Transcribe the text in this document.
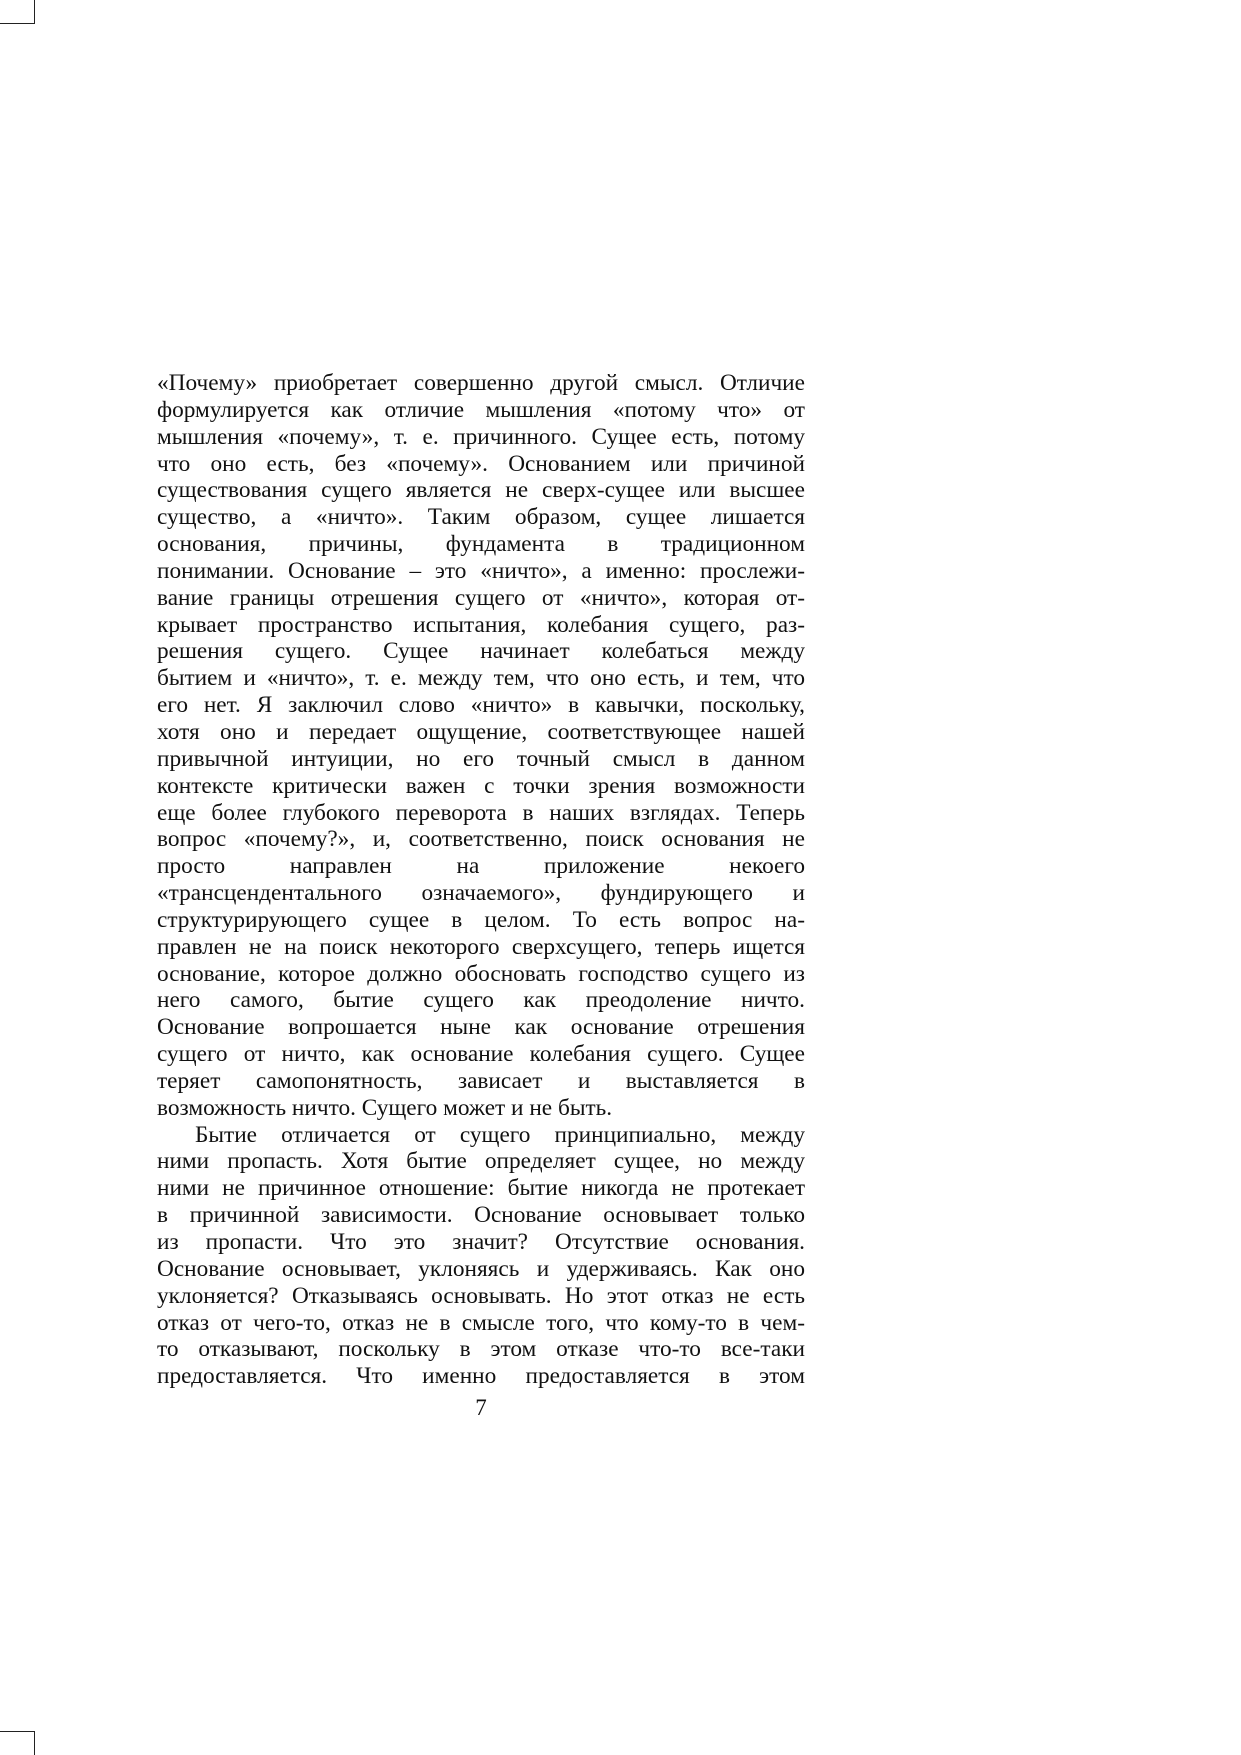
«Почему» приобретает совершенно другой смысл. Отличие
формулируется как отличие мышления «потому что» от
мышления «почему», т. е. причинного. Сущее есть, потому
что оно есть, без «почему». Основанием или причиной
существования сущего является не сверх-сущее или высшее
существо, а «ничто». Таким образом, сущее лишается
основания, причины, фундамента в традиционном
понимании. Основание – это «ничто», а именно: прослежи-
вание границы отрешения сущего от «ничто», которая от-
крывает пространство испытания, колебания сущего, раз-
решения сущего. Сущее начинает колебаться между
бытием и «ничто», т. е. между тем, что оно есть, и тем, что
его нет. Я заключил слово «ничто» в кавычки, поскольку,
хотя оно и передает ощущение, соответствующее нашей
привычной интуиции, но его точный смысл в данном
контексте критически важен с точки зрения возможности
еще более глубокого переворота в наших взглядах. Теперь
вопрос «почему?», и, соответственно, поиск основания не
просто направлен на приложение некоего
«трансцендентального означаемого», фундирующего и
структурирующего сущее в целом. То есть вопрос на-
правлен не на поиск некоторого сверхсущего, теперь ищется
основание, которое должно обосновать господство сущего из
него самого, бытие сущего как преодоление ничто.
Основание вопрошается ныне как основание отрешения
сущего от ничто, как основание колебания сущего. Сущее
теряет самопонятность, зависает и выставляется в
возможность ничто. Сущего может и не быть.
Бытие отличается от сущего принципиально, между
ними пропасть. Хотя бытие определяет сущее, но между
ними не причинное отношение: бытие никогда не протекает
в причинной зависимости. Основание основывает только
из пропасти. Что это значит? Отсутствие основания.
Основание основывает, уклоняясь и удерживаясь. Как оно
уклоняется? Отказываясь основывать. Но этот отказ не есть
отказ от чего-то, отказ не в смысле того, что кому-то в чем-
то отказывают, поскольку в этом отказе что-то все-таки
предоставляется. Что именно предоставляется в этом
7
